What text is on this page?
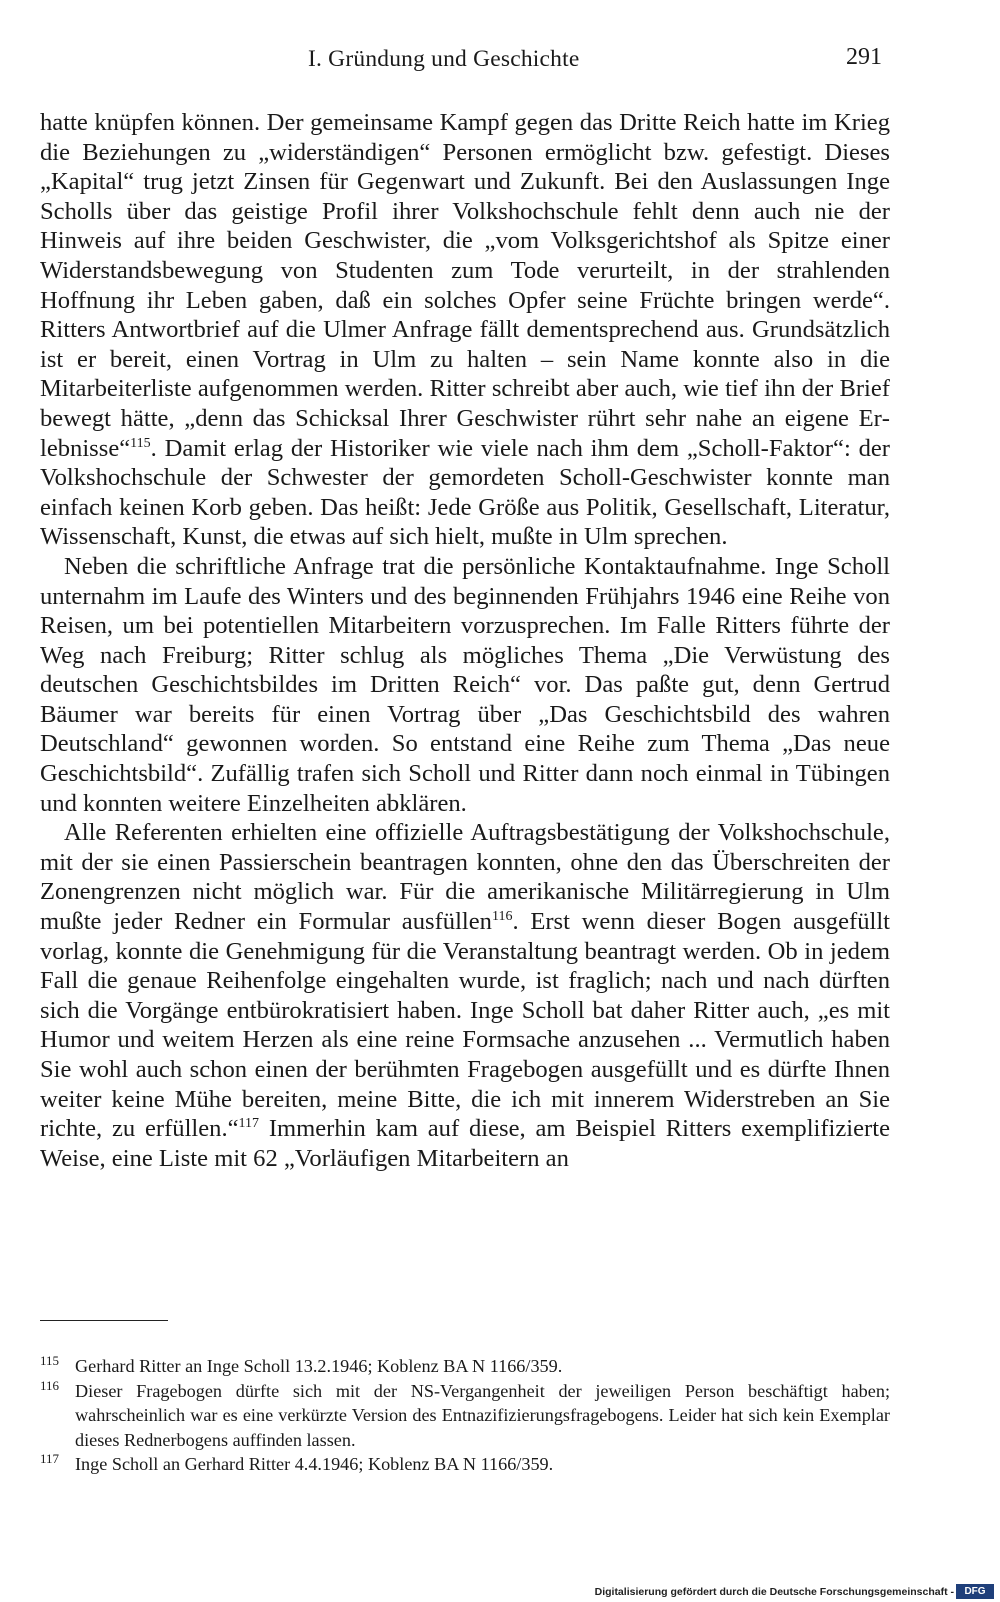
I. Gründung und Geschichte	291

hatte knüpfen können. Der gemeinsame Kampf gegen das Dritte Reich hatte im Krieg die Beziehungen zu „widerständigen“ Personen ermöglicht bzw. gefestigt. Dieses „Kapital“ trug jetzt Zinsen für Gegenwart und Zukunft. Bei den Auslassungen Inge Scholls über das geistige Profil ihrer Volkshochschule fehlt denn auch nie der Hinweis auf ihre beiden Geschwister, die „vom Volksgerichtshof als Spitze einer Widerstandsbewegung von Studenten zum Tode verurteilt, in der strahlenden Hoffnung ihr Leben gaben, daß ein solches Opfer seine Früchte bringen werde“. Ritters Antwortbrief auf die Ulmer Anfrage fällt dementsprechend aus. Grundsätzlich ist er bereit, einen Vortrag in Ulm zu halten – sein Name konnte also in die Mitarbeiterliste aufgenommen werden. Ritter schreibt aber auch, wie tief ihn der Brief bewegt hätte, „denn das Schicksal Ihrer Geschwister rührt sehr nahe an eigene Erlebnisse“$^{115}$. Damit erlag der Historiker wie viele nach ihm dem „Scholl-Faktor“: der Volkshochschule der Schwester der gemordeten Scholl-Geschwister konnte man einfach keinen Korb geben. Das heißt: Jede Größe aus Politik, Gesellschaft, Literatur, Wissenschaft, Kunst, die etwas auf sich hielt, mußte in Ulm sprechen.

Neben die schriftliche Anfrage trat die persönliche Kontaktaufnahme. Inge Scholl unternahm im Laufe des Winters und des beginnenden Frühjahrs 1946 eine Reihe von Reisen, um bei potentiellen Mitarbeitern vorzusprechen. Im Falle Ritters führte der Weg nach Freiburg; Ritter schlug als mögliches Thema „Die Verwüstung des deutschen Geschichtsbildes im Dritten Reich“ vor. Das paßte gut, denn Gertrud Bäumer war bereits für einen Vortrag über „Das Geschichtsbild des wahren Deutschland“ gewonnen worden. So entstand eine Reihe zum Thema „Das neue Geschichtsbild“. Zufällig trafen sich Scholl und Ritter dann noch einmal in Tübingen und konnten weitere Einzelheiten abklären.

Alle Referenten erhielten eine offizielle Auftragsbestätigung der Volkshochschule, mit der sie einen Passierschein beantragen konnten, ohne den das Überschreiten der Zonengrenzen nicht möglich war. Für die amerikanische Militärregierung in Ulm mußte jeder Redner ein Formular ausfüllen$^{116}$. Erst wenn dieser Bogen ausgefüllt vorlag, konnte die Genehmigung für die Veranstaltung beantragt werden. Ob in jedem Fall die genaue Reihenfolge eingehalten wurde, ist fraglich; nach und nach dürften sich die Vorgänge entbürokratisiert haben. Inge Scholl bat daher Ritter auch, „es mit Humor und weitem Herzen als eine reine Formsache anzusehen ... Vermutlich haben Sie wohl auch schon einen der berühmten Fragebogen ausgefüllt und es dürfte Ihnen weiter keine Mühe bereiten, meine Bitte, die ich mit innerem Widerstreben an Sie richte, zu erfüllen.“$^{117}$ Immerhin kam auf diese, am Beispiel Ritters exemplifizierte Weise, eine Liste mit 62 „Vorläufigen Mitarbeitern an

115 Gerhard Ritter an Inge Scholl 13.2.1946; Koblenz BA N 1166/359.
116 Dieser Fragebogen dürfte sich mit der NS-Vergangenheit der jeweiligen Person beschäftigt haben; wahrscheinlich war es eine verkürzte Version des Entnazifizierungsfragebogens. Leider hat sich kein Exemplar dieses Rednerbogens auffinden lassen.
117 Inge Scholl an Gerhard Ritter 4.4.1946; Koblenz BA N 1166/359.
Digitalisierung gefördert durch die Deutsche Forschungsgemeinschaft -	DFG
